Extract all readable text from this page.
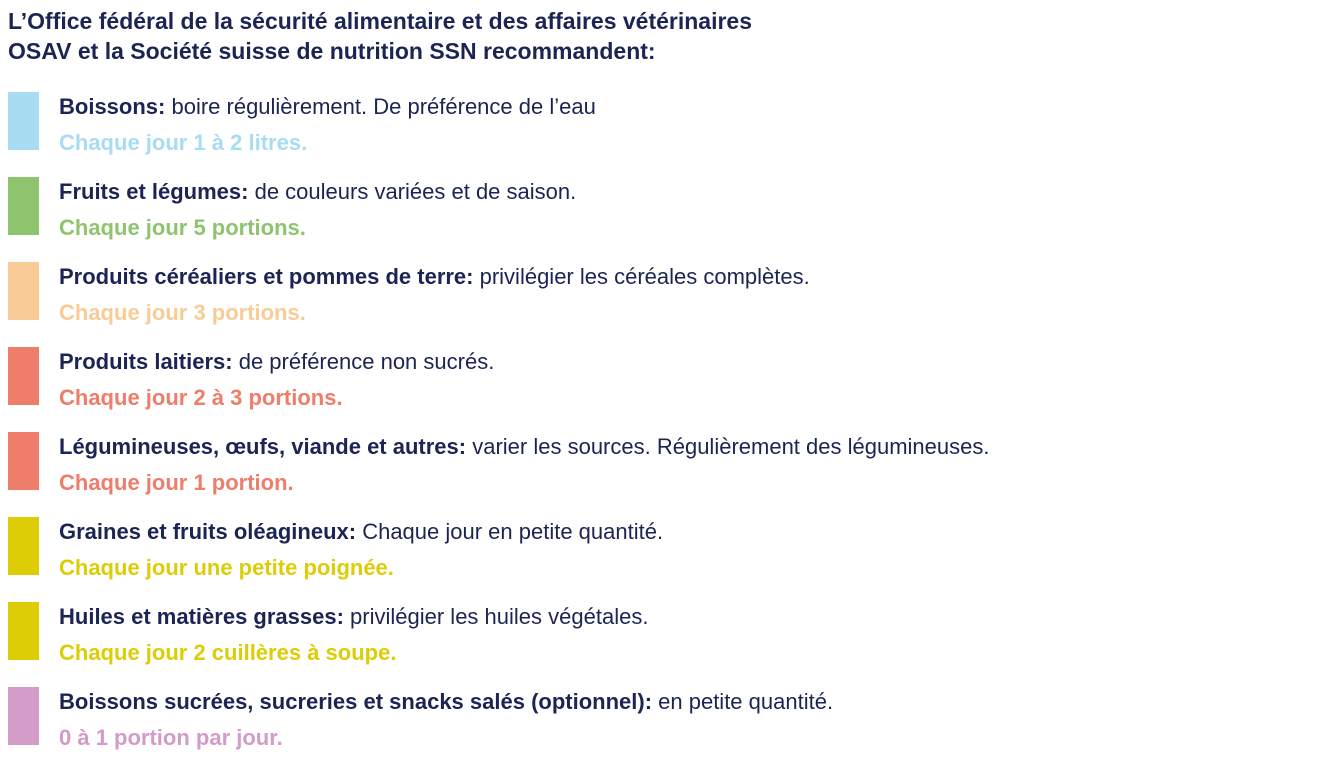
L’Office fédéral de la sécurité alimentaire et des affaires vétérinaires
OSAV et la Société suisse de nutrition SSN recommandent:
Boissons: boire régulièrement. De préférence de l’eau
Chaque jour 1 à 2 litres.
Fruits et légumes: de couleurs variées et de saison.
Chaque jour 5 portions.
Produits céréaliers et pommes de terre: privilégier les céréales complètes.
Chaque jour 3 portions.
Produits laitiers: de préférence non sucrés.
Chaque jour 2 à 3 portions.
Légumineuses, œufs, viande et autres: varier les sources. Régulièrement des légumineuses.
Chaque jour 1 portion.
Graines et fruits oléagineux: Chaque jour en petite quantité.
Chaque jour une petite poignée.
Huiles et matières grasses: privilégier les huiles végétales.
Chaque jour 2 cuillères à soupe.
Boissons sucrées, sucreries et snacks salés (optionnel): en petite quantité.
0 à 1 portion par jour.
